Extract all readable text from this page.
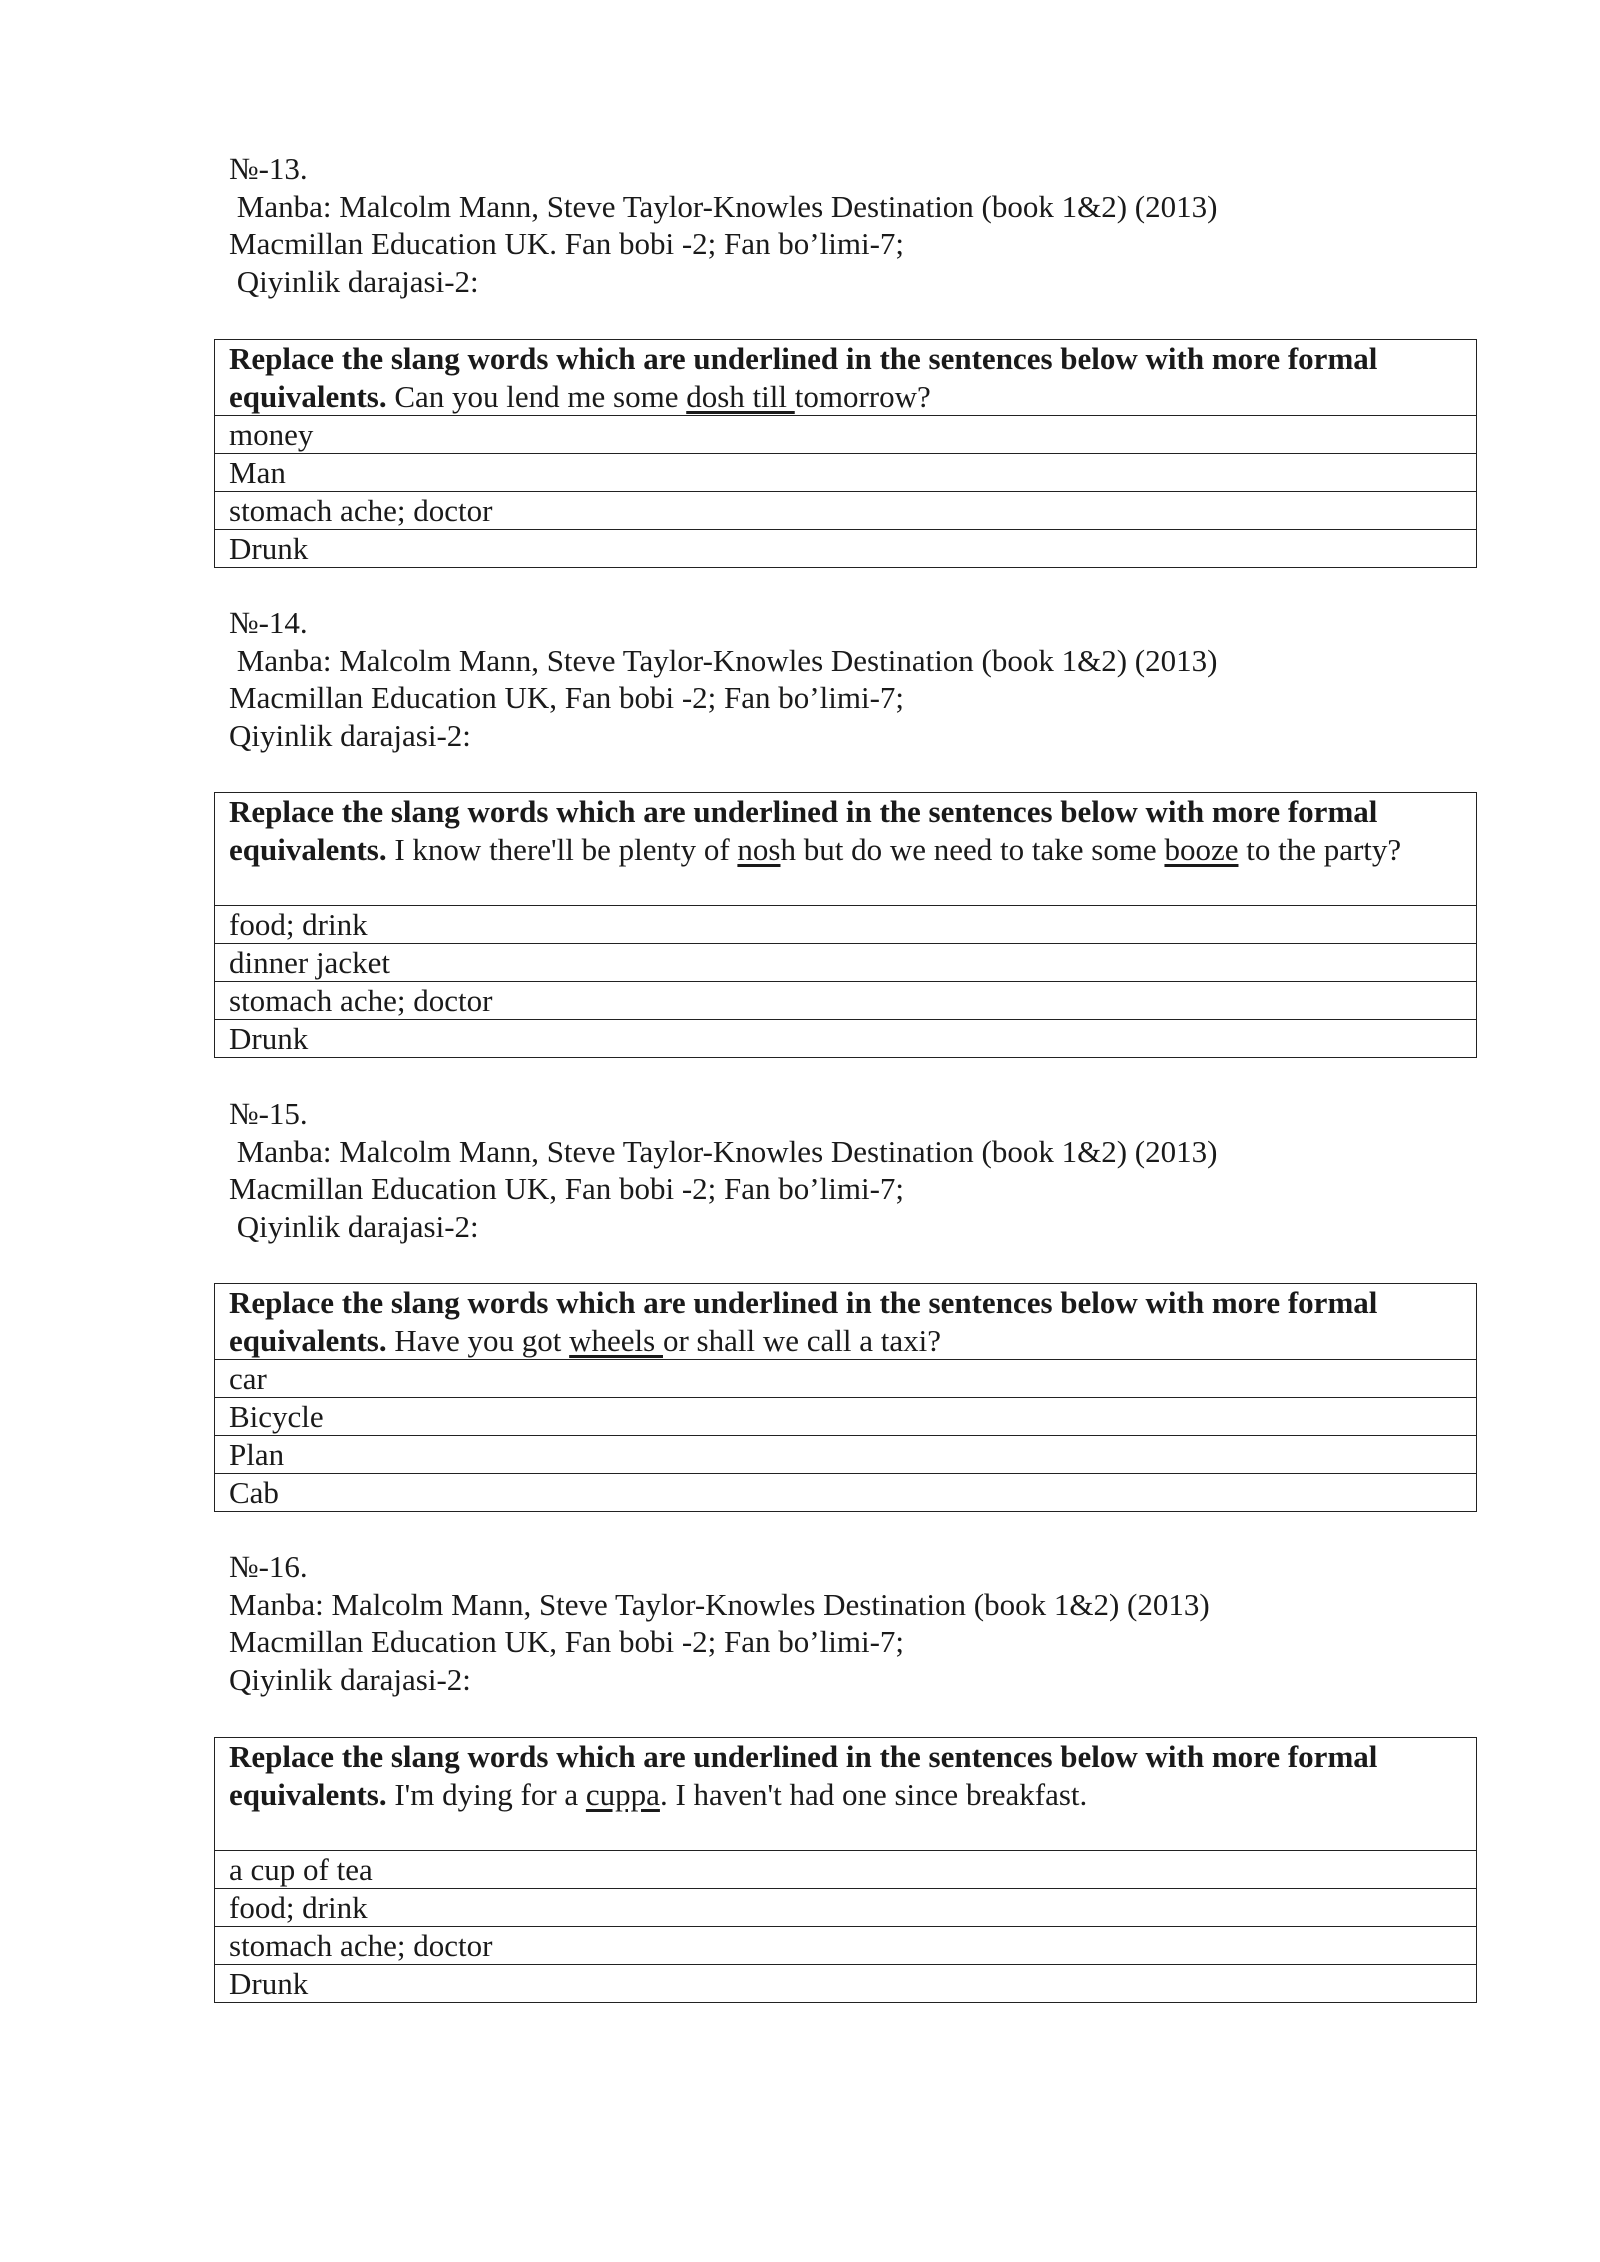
№-13.
Manba: Malcolm Mann, Steve Taylor-Knowles Destination (book 1&2) (2013)
Macmillan Education UK. Fan bobi -2; Fan bo’limi-7;
Qiyinlik darajasi-2:
Replace the slang words which are underlined in the sentences below with more formal equivalents. Can you lend me some dosh till tomorrow?
money
Man
stomach ache; doctor
Drunk
№-14.
Manba: Malcolm Mann, Steve Taylor-Knowles Destination (book 1&2) (2013)
Macmillan Education UK, Fan bobi -2; Fan bo’limi-7;
Qiyinlik darajasi-2:
Replace the slang words which are underlined in the sentences below with more formal equivalents. I know there'll be plenty of nosh but do we need to take some booze to the party?
food; drink
dinner jacket
stomach ache; doctor
Drunk
№-15.
Manba: Malcolm Mann, Steve Taylor-Knowles Destination (book 1&2) (2013)
Macmillan Education UK, Fan bobi -2; Fan bo’limi-7;
Qiyinlik darajasi-2:
Replace the slang words which are underlined in the sentences below with more formal equivalents. Have you got wheels or shall we call a taxi?
car
Bicycle
Plan
Cab
№-16.
Manba: Malcolm Mann, Steve Taylor-Knowles Destination (book 1&2) (2013)
Macmillan Education UK, Fan bobi -2; Fan bo’limi-7;
Qiyinlik darajasi-2:
Replace the slang words which are underlined in the sentences below with more formal equivalents. I'm dying for a cuppa. I haven't had one since breakfast.
a cup of tea
food; drink
stomach ache; doctor
Drunk
